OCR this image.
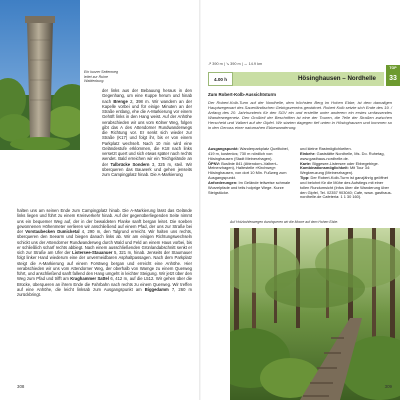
Ein kurzer Seitenweg leitet zur Ruine Waldenburg.
der links aus der Bebauung heraus in den Gegenhang, um eine Kuppe herum und hinab nach Brenge 2, 398 m. Wir wandern an der Kapelle vorbei und für einige Minuten an der Straße entlang, ehe die A-Markierung vor einem Gehöft links in den Hang weist. Auf der Anhöhe verabschieden wir uns vom Kölner Weg, folgen gibt das A des Attendorner Rundwanderwegs die Richtung vor. Er senkt sich wieder zur Straße (K17) und folgt ihr, bis er von einem Parkplatz wechselt. Nach 10 min wird eine Geländestufe erklommen, die K18 nach links versetzt quert und sich etwas später nach rechts wendet. Bald erreichen wir ein Teichgelände an der Talbrücke Sondern 3, 325 m, steil. Wir überqueren das Bauwerk und gehen jenseits zum Campingplatz hinab. Die A-Markierung
halten uns am seinen Ende zum Campingplatz hinab. Die A-Markierung lässt das Gelände links liegen und führt zu einem Kreisverkehr hinab. Auf der gegenüberliegenden Seite nimmt uns ein bequemer Weg auf, der in der bewaldeten Flanke sanft bergan leitet. Die soeben gewonnenen Höhenmeter verlieren wir anschließend auf einem Pfad, der uns zur Straße bei der Vorstaubecken Dumicketal 4, 290 m, den Talgrund erreicht. Wir halten uns rechts, überqueren den Seearm und biegen danach links ab. Wir am einigen Richtungswechseln schickt uns der Attendorner Rundwanderweg durch Wald und Feld an einem Haus vorbei, bis er schließlich scharf rechts abbiegt. Nach einem ausschließenden Grünlandabschnitt senkt er sich zur Straße am Ufer der Listersee-Stauanuer 5, 321 m, hinab. Jenseits der Staumauer folgt linker Hand wiederum eine der unvermeidbaren Asphaltpassagen. Nach dem Parkplatz steigt die A-Markierung auf einem Forstweg bergan und erreicht eine Anhöhe. Hier verabschieden wir uns vom Attendorner Weg, der oberhalb von Wamge zu einem Querweg führt, und anschließend sanft fallend den Hang umgeht in leichter Steigung. Wir jetzt über den Weg zum Pfad und trifft am Kraghammer Sattel 6, 412 m, auf die L512. Wir gehen über die Brücke, überqueren an ihrem Ende die Fahrbahn nach rechts zu einem Querweg. Wir treffen auf eine Anhöhe, die leicht linksab zum Ausgangspunkt am Biggedamm 7, 260 m zurückbringt.
308
↗ 390 m | ↘ 390 m | ↔ 14.9 km
4.00 h	Hösinghausen – Nordhelle
TOP
33
Zum Robert-Kolb-Aussichtsturm
Der Robert-Kolb-Turm auf der Nordhelle, dem höchsten Berg im Hohen Ebbe, ist dem damaligen Hauptwegewart des Sauerländischen Gebirgsvereins gewidmet. Robert Kolb setzte sich Ende des 19. / Anfang des 20. Jahrhunderts für den SGV ein und erstellte unter anderem ein erstes umfassendes Wanderwegenetz. Den Großteil der Beschriften ist eine der Touren, die Teile der Straßen zwischen Herscheid und Valbert auf der Gipfel. Wir starten dagegen tief unten in Hösinghausen und kommen so in den Genuss einer naturnahen Ebbewanderung.

Ausgangspunkt: Wanderparkplatz Quelltobel, 419 m, kostenlos; 730 m nördlich von Hösinghausen (Stadt Meinerzhagen).

ÖPNV: Buslinie 841 (Attendorn–Valbert–Meinerzhagen), Haltestelle »Kirchweg« Hösinghausen, von dort 10 Min. Fußweg zum Ausgangspunkt.

Anforderungen: Im Gelände teilweise schmale Wurzelpfade und teils holprige Wege. Kurze Steigstücke.

und kleine Rastmöglichkeiten.

Einkehr: Gaststätte Nordhelle, Ms. Do. Ruhetag, www.gasthaus-nordhelle.de.

Karte: Biggesee-Listersee oder Ebbegebirge.

Kombinationsmöglichkeit: Mit Tour 34: Wegkreuzung (Meinerzhagen).

Tipp: Der Robert-Kolb-Turm ist ganzjährig geöffnet und belohnt für die Mühe des Aufstiegs mit einer tollen Rundumsicht (Infos über die Wanderung über den Gipfel, Tel. 02357 903040; Cafe, www. gasthaus-nordhelle.de Cafeteria: 1 1 30 160).

Auf Holzbohlenwegen durchqueren wir die Moore auf dem Hohen Ebbe.
309
